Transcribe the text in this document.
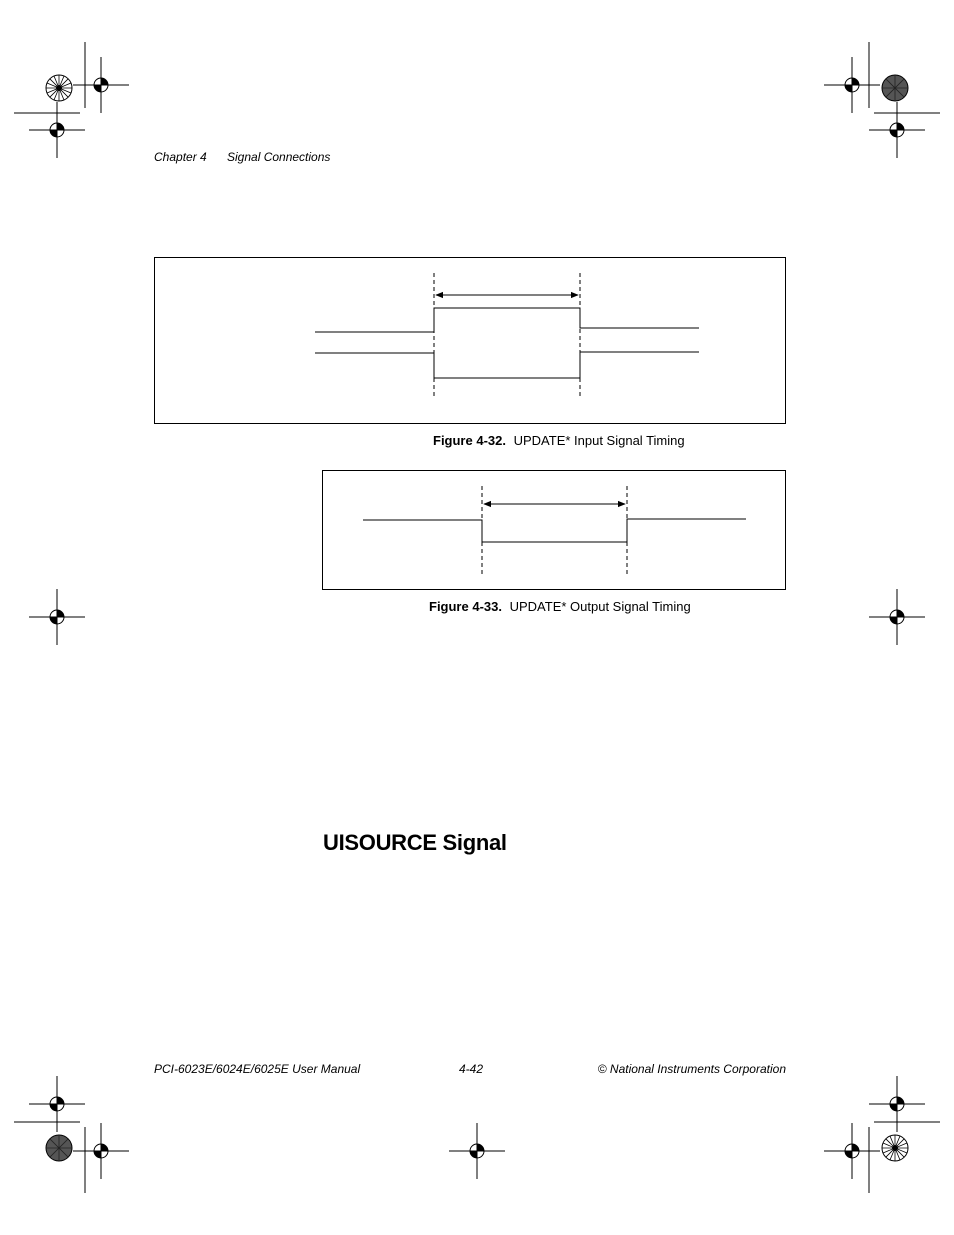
Chapter 4 Signal Connections
Figure 4-32. UPDATE* Input Signal Timing
Figure 4-33. UPDATE* Output Signal Timing
UISOURCE Signal
PCI-6023E/6024E/6025E User Manual	4-42	© National Instruments Corporation
